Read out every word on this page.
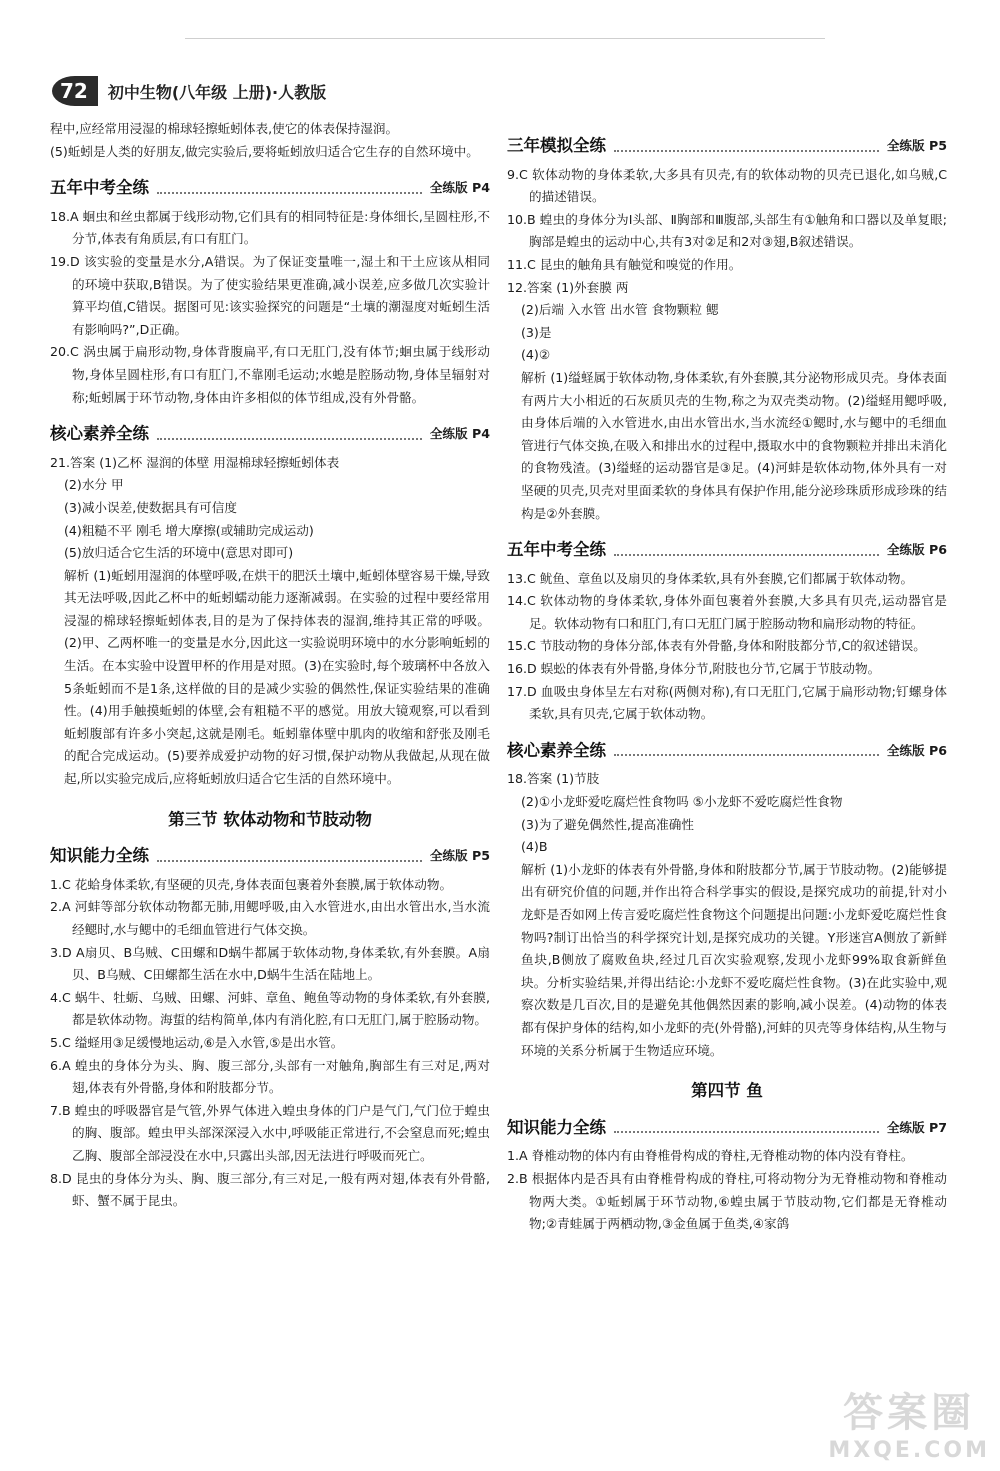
72	初中生物(八年级 上册)·人教版

程中,应经常用浸湿的棉球轻擦蚯蚓体表,使它的体表保持湿润。

(5)蚯蚓是人类的好朋友,做完实验后,要将蚯蚓放归适合它生存的自然环境中。

五年中考全练	全练版 P4

18.A 蛔虫和丝虫都属于线形动物,它们具有的相同特征是:身体细长,呈圆柱形,不分节,体表有角质层,有口有肛门。

19.D 该实验的变量是水分,A错误。为了保证变量唯一,湿土和干土应该从相同的环境中获取,B错误。为了使实验结果更准确,减小误差,应多做几次实验计算平均值,C错误。据图可见:该实验探究的问题是“土壤的潮湿度对蚯蚓生活有影响吗?”,D正确。

20.C 涡虫属于扁形动物,身体背腹扁平,有口无肛门,没有体节;蛔虫属于线形动物,身体呈圆柱形,有口有肛门,不靠刚毛运动;水螅是腔肠动物,身体呈辐射对称;蚯蚓属于环节动物,身体由许多相似的体节组成,没有外骨骼。

核心素养全练	全练版 P4

21.答案 (1)乙杯 湿润的体壁 用湿棉球轻擦蚯蚓体表

(2)水分 甲

(3)减小误差,使数据具有可信度

(4)粗糙不平 刚毛 增大摩擦(或辅助完成运动)

(5)放归适合它生活的环境中(意思对即可)

解析 (1)蚯蚓用湿润的体壁呼吸,在烘干的肥沃土壤中,蚯蚓体壁容易干燥,导致其无法呼吸,因此乙杯中的蚯蚓蠕动能力逐渐减弱。在实验的过程中要经常用浸湿的棉球轻擦蚯蚓体表,目的是为了保持体表的湿润,维持其正常的呼吸。(2)甲、乙两杯唯一的变量是水分,因此这一实验说明环境中的水分影响蚯蚓的生活。在本实验中设置甲杯的作用是对照。(3)在实验时,每个玻璃杯中各放入5条蚯蚓而不是1条,这样做的目的是减少实验的偶然性,保证实验结果的准确性。(4)用手触摸蚯蚓的体壁,会有粗糙不平的感觉。用放大镜观察,可以看到蚯蚓腹部有许多小突起,这就是刚毛。蚯蚓靠体壁中肌肉的收缩和舒张及刚毛的配合完成运动。(5)要养成爱护动物的好习惯,保护动物从我做起,从现在做起,所以实验完成后,应将蚯蚓放归适合它生活的自然环境中。

第三节 软体动物和节肢动物
知识能力全练	全练版 P5

1.C 花蛤身体柔软,有坚硬的贝壳,身体表面包裹着外套膜,属于软体动物。

2.A 河蚌等部分软体动物都无肺,用鳃呼吸,由入水管进水,由出水管出水,当水流经鳃时,水与鳃中的毛细血管进行气体交换。

3.D A扇贝、B乌贼、C田螺和D蜗牛都属于软体动物,身体柔软,有外套膜。A扇贝、B乌贼、C田螺都生活在水中,D蜗牛生活在陆地上。

4.C 蜗牛、牡蛎、乌贼、田螺、河蚌、章鱼、鲍鱼等动物的身体柔软,有外套膜,都是软体动物。海蜇的结构简单,体内有消化腔,有口无肛门,属于腔肠动物。

5.C 缢蛏用③足缓慢地运动,⑥是入水管,⑤是出水管。

6.A 蝗虫的身体分为头、胸、腹三部分,头部有一对触角,胸部生有三对足,两对翅,体表有外骨骼,身体和附肢都分节。

7.B 蝗虫的呼吸器官是气管,外界气体进入蝗虫身体的门户是气门,气门位于蝗虫的胸、腹部。蝗虫甲头部深深浸入水中,呼吸能正常进行,不会窒息而死;蝗虫乙胸、腹部全部浸没在水中,只露出头部,因无法进行呼吸而死亡。

8.D 昆虫的身体分为头、胸、腹三部分,有三对足,一般有两对翅,体表有外骨骼,虾、蟹不属于昆虫。

三年模拟全练	全练版 P5

9.C 软体动物的身体柔软,大多具有贝壳,有的软体动物的贝壳已退化,如乌贼,C的描述错误。

10.B 蝗虫的身体分为Ⅰ头部、Ⅱ胸部和Ⅲ腹部,头部生有①触角和口器以及单复眼;胸部是蝗虫的运动中心,共有3对②足和2对③翅,B叙述错误。

11.C 昆虫的触角具有触觉和嗅觉的作用。

12.答案 (1)外套膜 两

(2)后端 入水管 出水管 食物颗粒 鳃

(3)是

(4)②

解析 (1)缢蛏属于软体动物,身体柔软,有外套膜,其分泌物形成贝壳。身体表面有两片大小相近的石灰质贝壳的生物,称之为双壳类动物。(2)缢蛏用鳃呼吸,由身体后端的入水管进水,由出水管出水,当水流经①鳃时,水与鳃中的毛细血管进行气体交换,在吸入和排出水的过程中,摄取水中的食物颗粒并排出未消化的食物残渣。(3)缢蛏的运动器官是③足。(4)河蚌是软体动物,体外具有一对坚硬的贝壳,贝壳对里面柔软的身体具有保护作用,能分泌珍珠质形成珍珠的结构是②外套膜。

五年中考全练	全练版 P6

13.C 鱿鱼、章鱼以及扇贝的身体柔软,具有外套膜,它们都属于软体动物。

14.C 软体动物的身体柔软,身体外面包裹着外套膜,大多具有贝壳,运动器官是足。软体动物有口和肛门,有口无肛门属于腔肠动物和扁形动物的特征。

15.C 节肢动物的身体分部,体表有外骨骼,身体和附肢都分节,C的叙述错误。

16.D 蜈蚣的体表有外骨骼,身体分节,附肢也分节,它属于节肢动物。

17.D 血吸虫身体呈左右对称(两侧对称),有口无肛门,它属于扁形动物;钉螺身体柔软,具有贝壳,它属于软体动物。

核心素养全练	全练版 P6

18.答案 (1)节肢

(2)①小龙虾爱吃腐烂性食物吗 ⑤小龙虾不爱吃腐烂性食物

(3)为了避免偶然性,提高准确性

(4)B

解析 (1)小龙虾的体表有外骨骼,身体和附肢都分节,属于节肢动物。(2)能够提出有研究价值的问题,并作出符合科学事实的假设,是探究成功的前提,针对小龙虾是否如网上传言爱吃腐烂性食物这个问题提出问题:小龙虾爱吃腐烂性食物吗?制订出恰当的科学探究计划,是探究成功的关键。Y形迷宫A侧放了新鲜鱼块,B侧放了腐败鱼块,经过几百次实验观察,发现小龙虾99%取食新鲜鱼块。分析实验结果,并得出结论:小龙虾不爱吃腐烂性食物。(3)在此实验中,观察次数是几百次,目的是避免其他偶然因素的影响,减小误差。(4)动物的体表都有保护身体的结构,如小龙虾的壳(外骨骼),河蚌的贝壳等身体结构,从生物与环境的关系分析属于生物适应环境。

第四节 鱼
知识能力全练	全练版 P7

1.A 脊椎动物的体内有由脊椎骨构成的脊柱,无脊椎动物的体内没有脊柱。

2.B 根据体内是否具有由脊椎骨构成的脊柱,可将动物分为无脊椎动物和脊椎动物两大类。①蚯蚓属于环节动物,⑥蝗虫属于节肢动物,它们都是无脊椎动物;②青蛙属于两栖动物,③金鱼属于鱼类,④家鸽

答案圈
MXQE.COM
